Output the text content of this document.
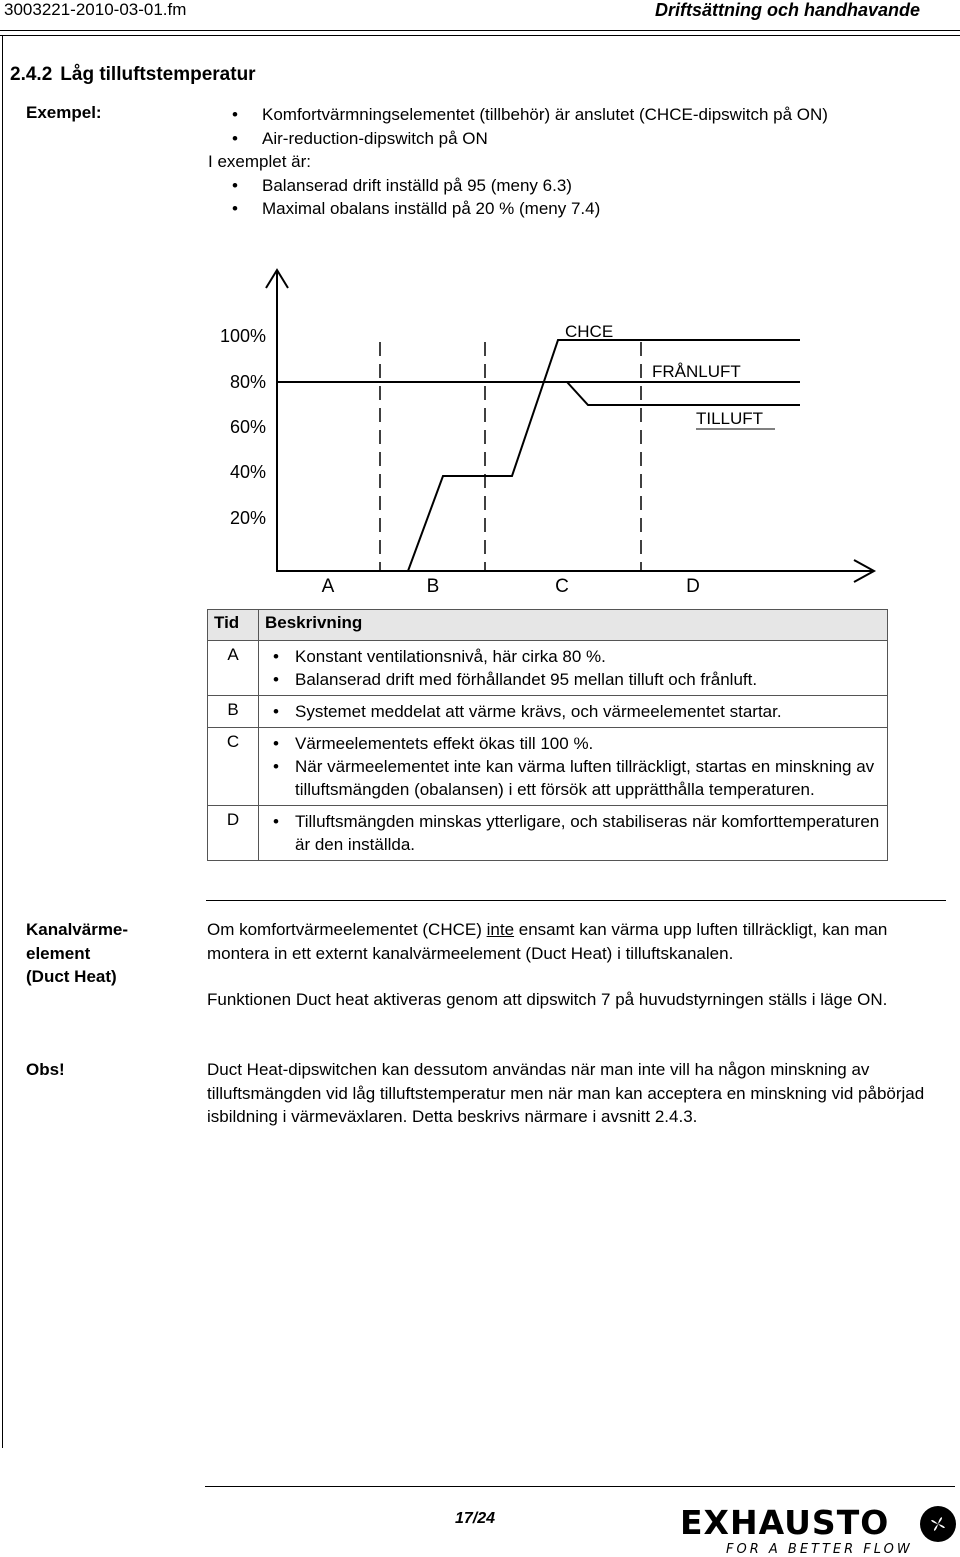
3003221-2010-03-01.fm	Driftsättning och handhavande
2.4.2 Låg tilluftstemperatur
Exempel:	• Komfortvärmningselementet (tillbehör) är anslutet (CHCE-dipswitch på ON)
• Air-reduction-dipswitch på ON
I exemplet är:
• Balanserad drift inställd på 95 (meny 6.3)
• Maximal obalans inställd på 20 % (meny 7.4)
100%
80%
60%
40%
20%
CHCE
FRÅNLUFT
TILLUFT
A	B	C	D
Tid	Beskrivning
A	• Konstant ventilationsnivå, här cirka 80 %.
• Balanserad drift med förhållandet 95 mellan tilluft och frånluft.

B	• Systemet meddelat att värme krävs, och värmeelementet startar.

C	• Värmeelementets effekt ökas till 100 %.
• När värmeelementet inte kan värma luften tillräckligt, startas en minskning av tilluftsmängden (obalansen) i ett försök att upprätthålla temperaturen.

D	• Tilluftsmängden minskas ytterligare, och stabiliseras när komforttemperaturen är den inställda.
Kanalvärme-
element
(Duct Heat)
Om komfortvärmeelementet (CHCE) inte ensamt kan värma upp luften tillräckligt, kan man montera in ett externt kanalvärmeelement (Duct Heat) i tilluftskanalen.
Funktionen Duct heat aktiveras genom att dipswitch 7 på huvudstyrningen ställs i läge ON.
Obs!	Duct Heat-dipswitchen kan dessutom användas när man inte vill ha någon minskning av tilluftsmängden vid låg tilluftstemperatur men när man kan acceptera en minskning vid påbörjad isbildning i värmeväxlaren. Detta beskrivs närmare i avsnitt 2.4.3.
17/24	EXHAUSTO
FOR A BETTER FLOW
